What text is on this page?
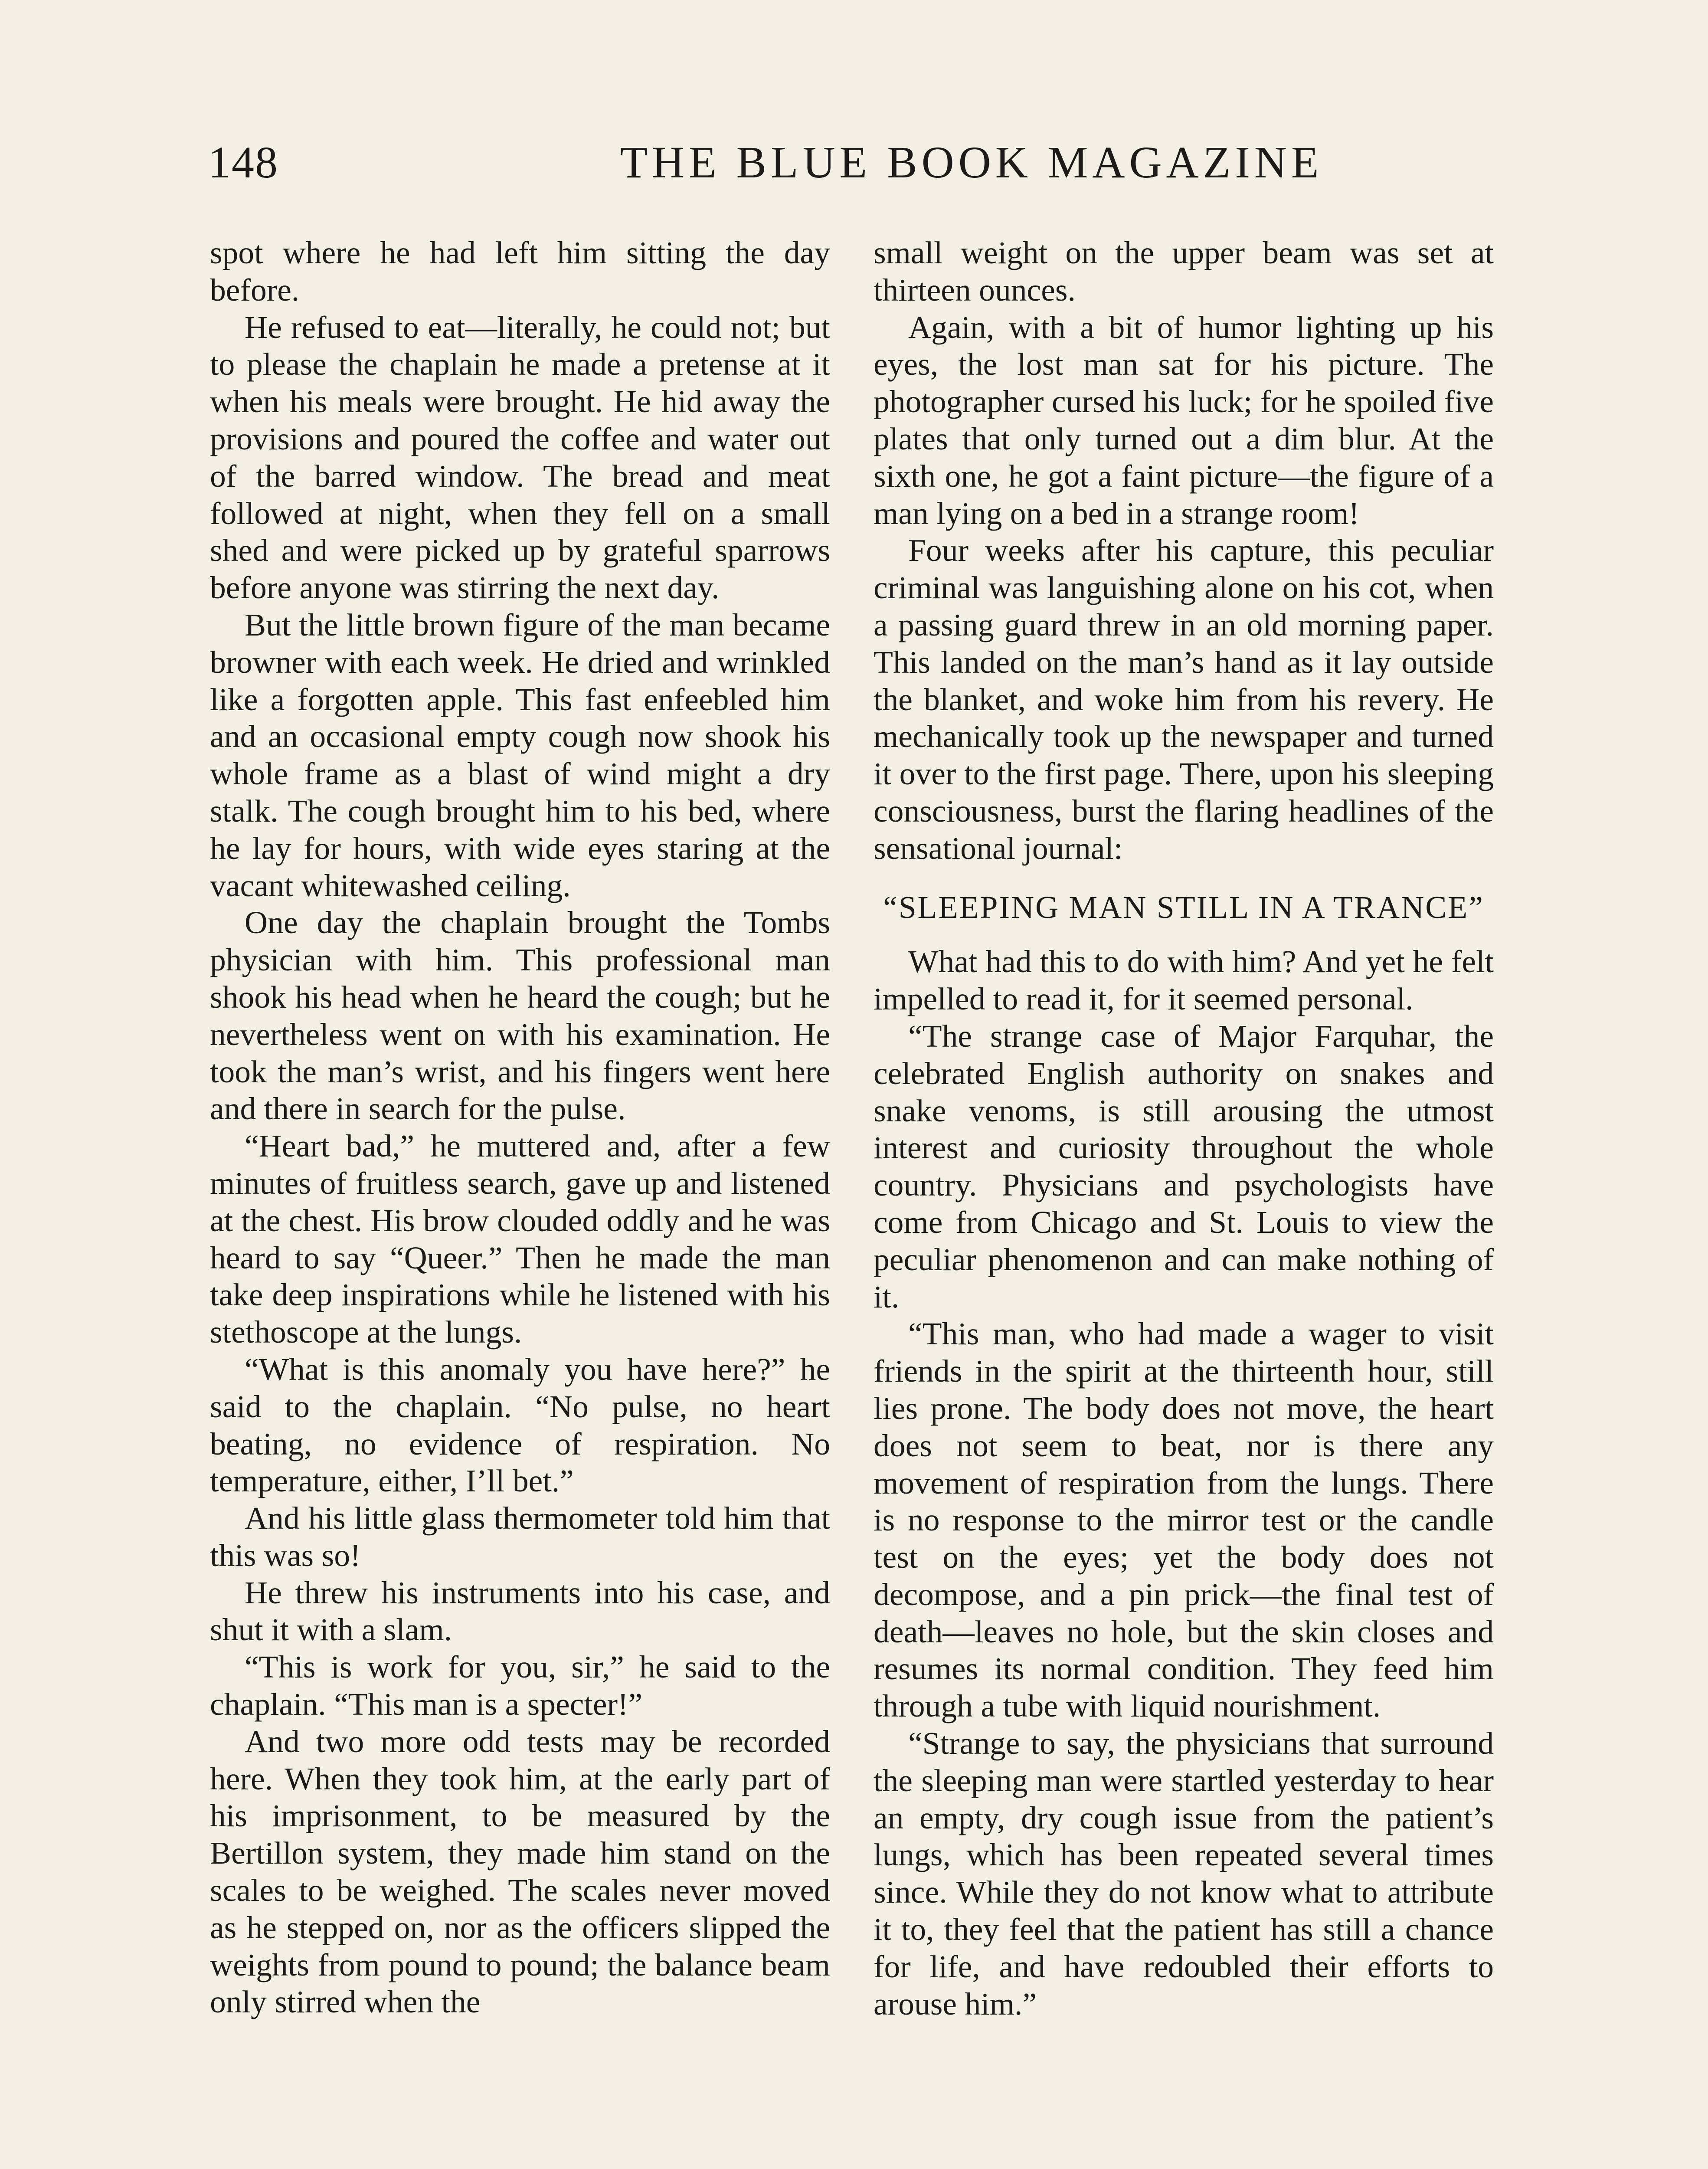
148	THE BLUE BOOK MAGAZINE

spot where he had left him sitting the day before.

He refused to eat—literally, he could not; but to please the chaplain he made a pretense at it when his meals were brought. He hid away the provisions and poured the coffee and water out of the barred window. The bread and meat followed at night, when they fell on a small shed and were picked up by grateful sparrows before anyone was stirring the next day.

But the little brown figure of the man became browner with each week. He dried and wrinkled like a forgotten apple. This fast enfeebled him and an occasional empty cough now shook his whole frame as a blast of wind might a dry stalk. The cough brought him to his bed, where he lay for hours, with wide eyes staring at the vacant whitewashed ceiling.

One day the chaplain brought the Tombs physician with him. This professional man shook his head when he heard the cough; but he nevertheless went on with his examination. He took the man’s wrist, and his fingers went here and there in search for the pulse.

“Heart bad,” he muttered and, after a few minutes of fruitless search, gave up and listened at the chest. His brow clouded oddly and he was heard to say “Queer.” Then he made the man take deep inspirations while he listened with his stethoscope at the lungs.

“What is this anomaly you have here?” he said to the chaplain. “No pulse, no heart beating, no evidence of respiration. No temperature, either, I’ll bet.”

And his little glass thermometer told him that this was so!

He threw his instruments into his case, and shut it with a slam.

“This is work for you, sir,” he said to the chaplain. “This man is a specter!”

And two more odd tests may be recorded here. When they took him, at the early part of his imprisonment, to be measured by the Bertillon system, they made him stand on the scales to be weighed. The scales never moved as he stepped on, nor as the officers slipped the weights from pound to pound; the balance beam only stirred when the

small weight on the upper beam was set at thirteen ounces.

Again, with a bit of humor lighting up his eyes, the lost man sat for his picture. The photographer cursed his luck; for he spoiled five plates that only turned out a dim blur. At the sixth one, he got a faint picture—the figure of a man lying on a bed in a strange room!

Four weeks after his capture, this peculiar criminal was languishing alone on his cot, when a passing guard threw in an old morning paper. This landed on the man’s hand as it lay outside the blanket, and woke him from his revery. He mechanically took up the newspaper and turned it over to the first page. There, upon his sleeping consciousness, burst the flaring headlines of the sensational journal:

“SLEEPING MAN STILL IN A TRANCE”

What had this to do with him? And yet he felt impelled to read it, for it seemed personal.

“The strange case of Major Farquhar, the celebrated English authority on snakes and snake venoms, is still arousing the utmost interest and curiosity throughout the whole country. Physicians and psychologists have come from Chicago and St. Louis to view the peculiar phenomenon and can make nothing of it.

“This man, who had made a wager to visit friends in the spirit at the thirteenth hour, still lies prone. The body does not move, the heart does not seem to beat, nor is there any movement of respiration from the lungs. There is no response to the mirror test or the candle test on the eyes; yet the body does not decompose, and a pin prick—the final test of death—leaves no hole, but the skin closes and resumes its normal condition. They feed him through a tube with liquid nourishment.

“Strange to say, the physicians that surround the sleeping man were startled yesterday to hear an empty, dry cough issue from the patient’s lungs, which has been repeated several times since. While they do not know what to attribute it to, they feel that the patient has still a chance for life, and have redoubled their efforts to arouse him.”
